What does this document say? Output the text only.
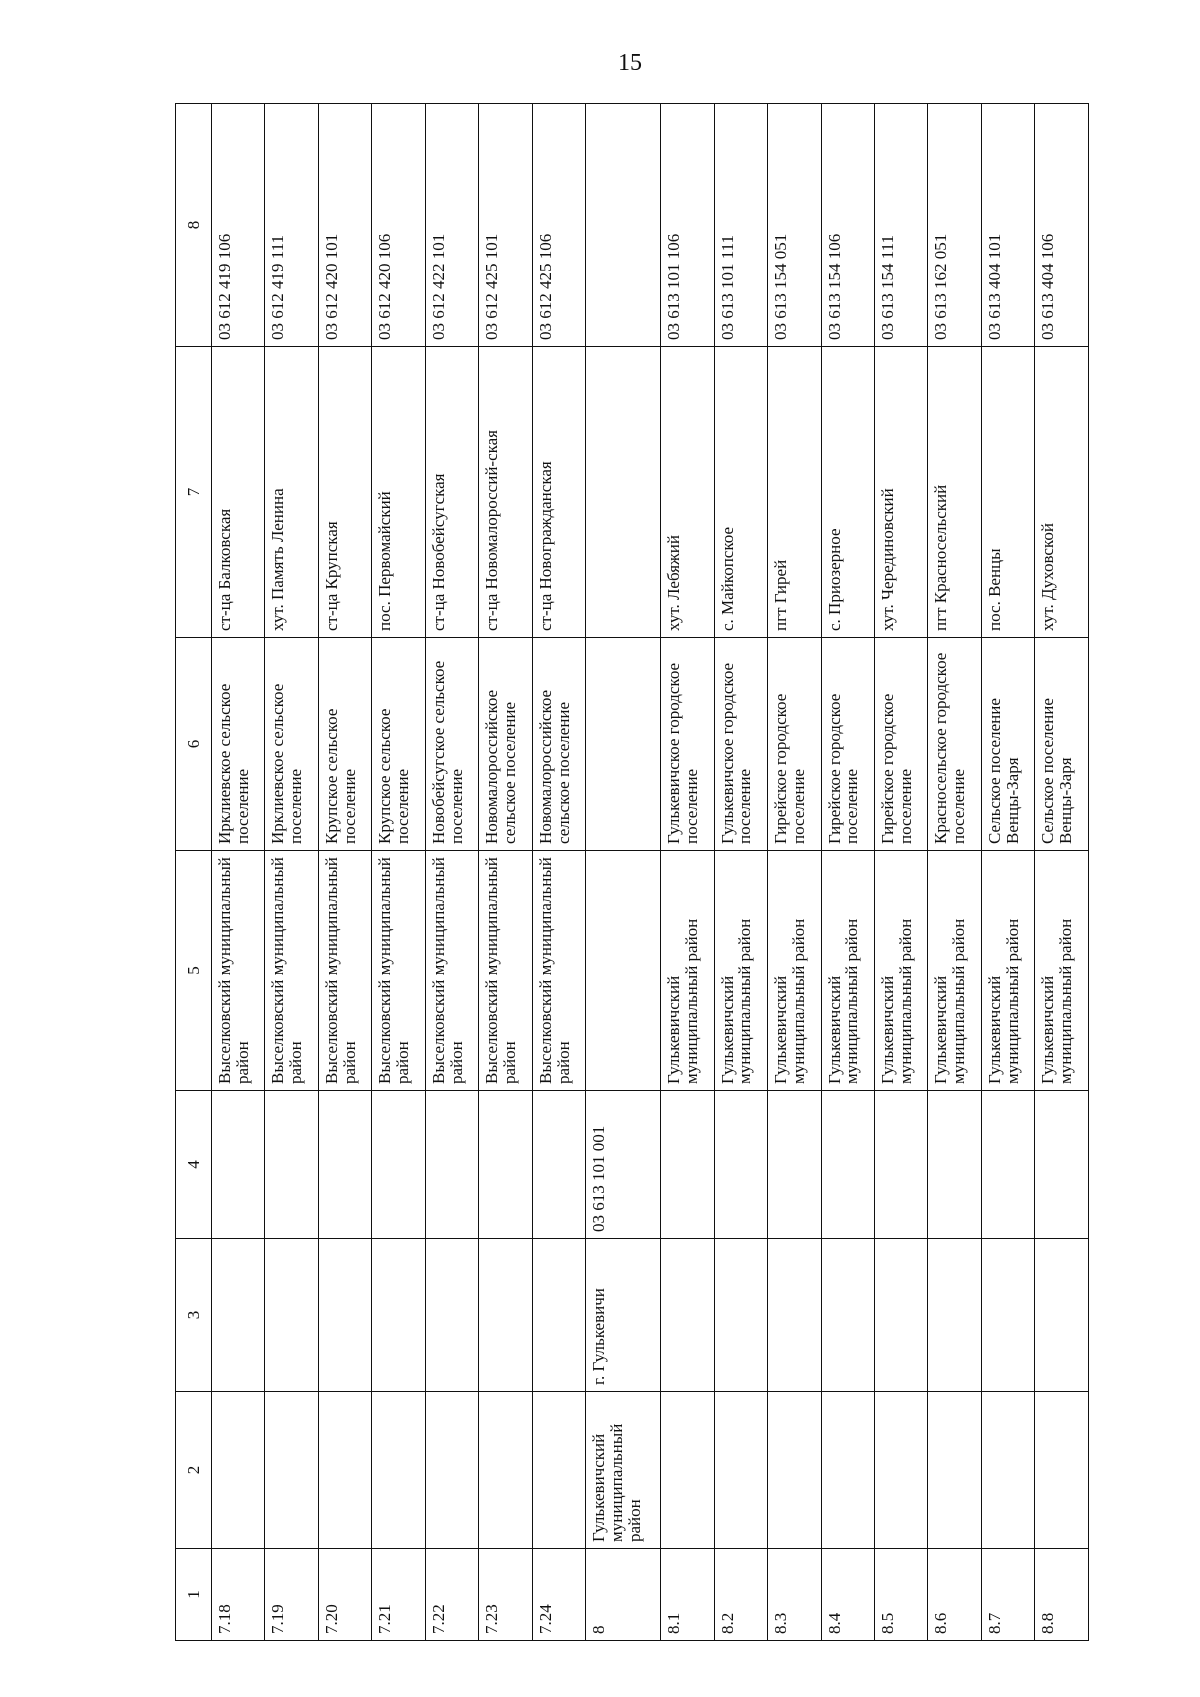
15
1	2	3	4	5	6	7	8
7.18				Выселковский муниципальный район	Ирклиевское сельское поселение	ст-ца Балковская	03 612 419 106
7.19				Выселковский муниципальный район	Ирклиевское сельское поселение	хут. Память Ленина	03 612 419 111
7.20				Выселковский муниципальный район	Крупское сельское поселение	ст-ца Крупская	03 612 420 101
7.21				Выселковский муниципальный район	Крупское сельское поселение	пос. Первомайский	03 612 420 106
7.22				Выселковский муниципальный район	Новобейсугское сельское поселение	ст-ца Новобейсугская	03 612 422 101
7.23				Выселковский муниципальный район	Новомалороссийское сельское поселение	ст-ца Новомалороссий-ская	03 612 425 101
7.24				Выселковский муниципальный район	Новомалороссийское сельское поселение	ст-ца Новогражданская	03 612 425 106
8	Гулькевичский муниципальный район	г. Гулькевичи	03 613 101 001				
8.1				Гулькевичский муниципальный район	Гулькевичское городское поселение	хут. Лебяжий	03 613 101 106
8.2				Гулькевичский муниципальный район	Гулькевичское городское поселение	с. Майкопское	03 613 101 111
8.3				Гулькевичский муниципальный район	Гирейское городское поселение	пгт Гирей	03 613 154 051
8.4				Гулькевичский муниципальный район	Гирейское городское поселение	с. Приозерное	03 613 154 106
8.5				Гулькевичский муниципальный район	Гирейское городское поселение	хут. Черединовский	03 613 154 111
8.6				Гулькевичский муниципальный район	Красносельское городское поселение	пгт Красносельский	03 613 162 051
8.7				Гулькевичский муниципальный район	Сельское поселение Венцы-Заря	пос. Венцы	03 613 404 101
8.8				Гулькевичский муниципальный район	Сельское поселение Венцы-Заря	хут. Духовской	03 613 404 106
